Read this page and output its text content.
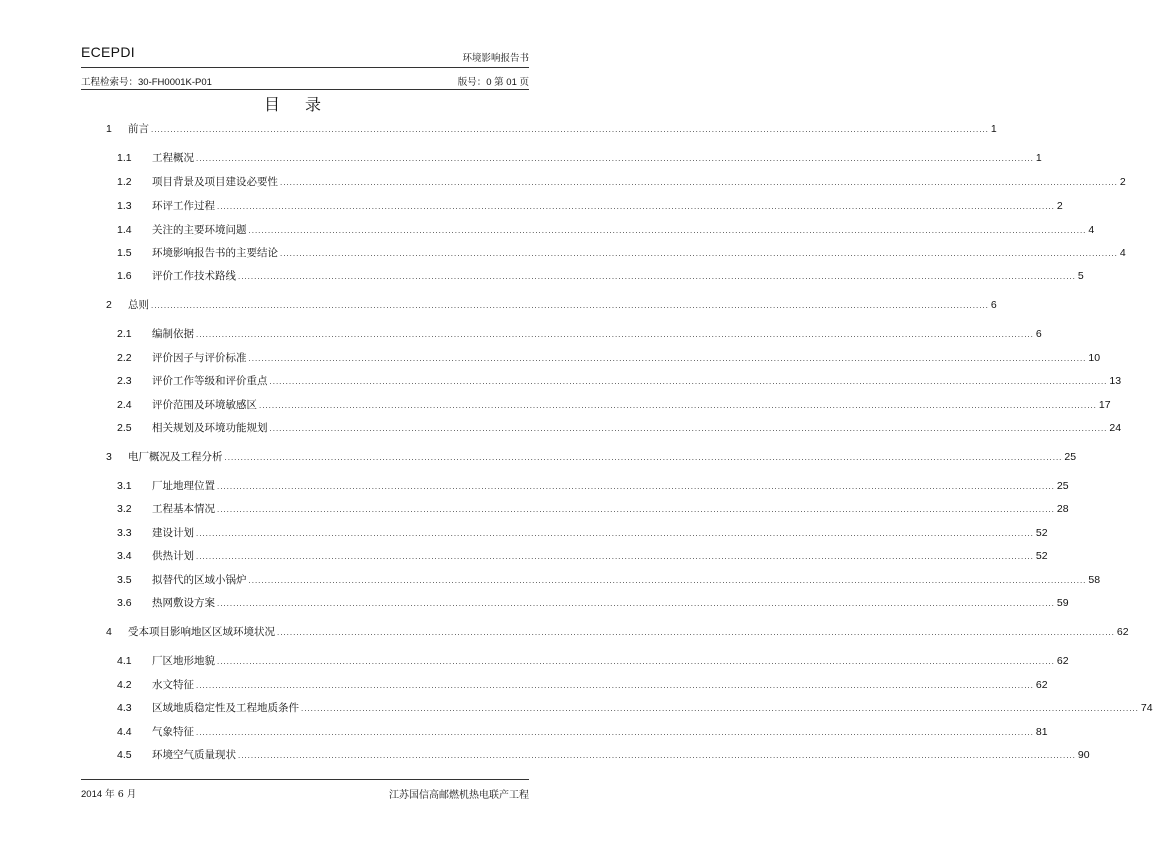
ECEPDI	环境影响报告书
工程检索号：30-FH0001K-P01	版号：0 第 01 页
目 录
1	前言 .................................................................................................................................................................................................................................................................... 1
1.1	工程概况 .................................................................................................................................................................................................................................................................... 1
1.2	项目背景及项目建设必要性 .................................................................................................................................................................................................................................................................... 2
1.3	环评工作过程 .................................................................................................................................................................................................................................................................... 2
1.4	关注的主要环境问题 .................................................................................................................................................................................................................................................................... 4
1.5	环境影响报告书的主要结论 .................................................................................................................................................................................................................................................................... 4
1.6	评价工作技术路线 .................................................................................................................................................................................................................................................................... 5
2	总则 .................................................................................................................................................................................................................................................................... 6
2.1	编制依据 .................................................................................................................................................................................................................................................................... 6
2.2	评价因子与评价标准 .................................................................................................................................................................................................................................................................... 10
2.3	评价工作等级和评价重点 .................................................................................................................................................................................................................................................................... 13
2.4	评价范围及环境敏感区 .................................................................................................................................................................................................................................................................... 17
2.5	相关规划及环境功能规划 .................................................................................................................................................................................................................................................................... 24
3	电厂概况及工程分析 .................................................................................................................................................................................................................................................................... 25
3.1	厂址地理位置 .................................................................................................................................................................................................................................................................... 25
3.2	工程基本情况 .................................................................................................................................................................................................................................................................... 28
3.3	建设计划 .................................................................................................................................................................................................................................................................... 52
3.4	供热计划 .................................................................................................................................................................................................................................................................... 52
3.5	拟替代的区域小锅炉 .................................................................................................................................................................................................................................................................... 58
3.6	热网敷设方案 .................................................................................................................................................................................................................................................................... 59
4	受本项目影响地区区域环境状况 .................................................................................................................................................................................................................................................................... 62
4.1	厂区地形地貌 .................................................................................................................................................................................................................................................................... 62
4.2	水文特征 .................................................................................................................................................................................................................................................................... 62
4.3	区域地质稳定性及工程地质条件 .................................................................................................................................................................................................................................................................... 74
4.4	气象特征 .................................................................................................................................................................................................................................................................... 81
4.5	环境空气质量现状 .................................................................................................................................................................................................................................................................... 90
2014 年 6 月	江苏国信高邮燃机热电联产工程
